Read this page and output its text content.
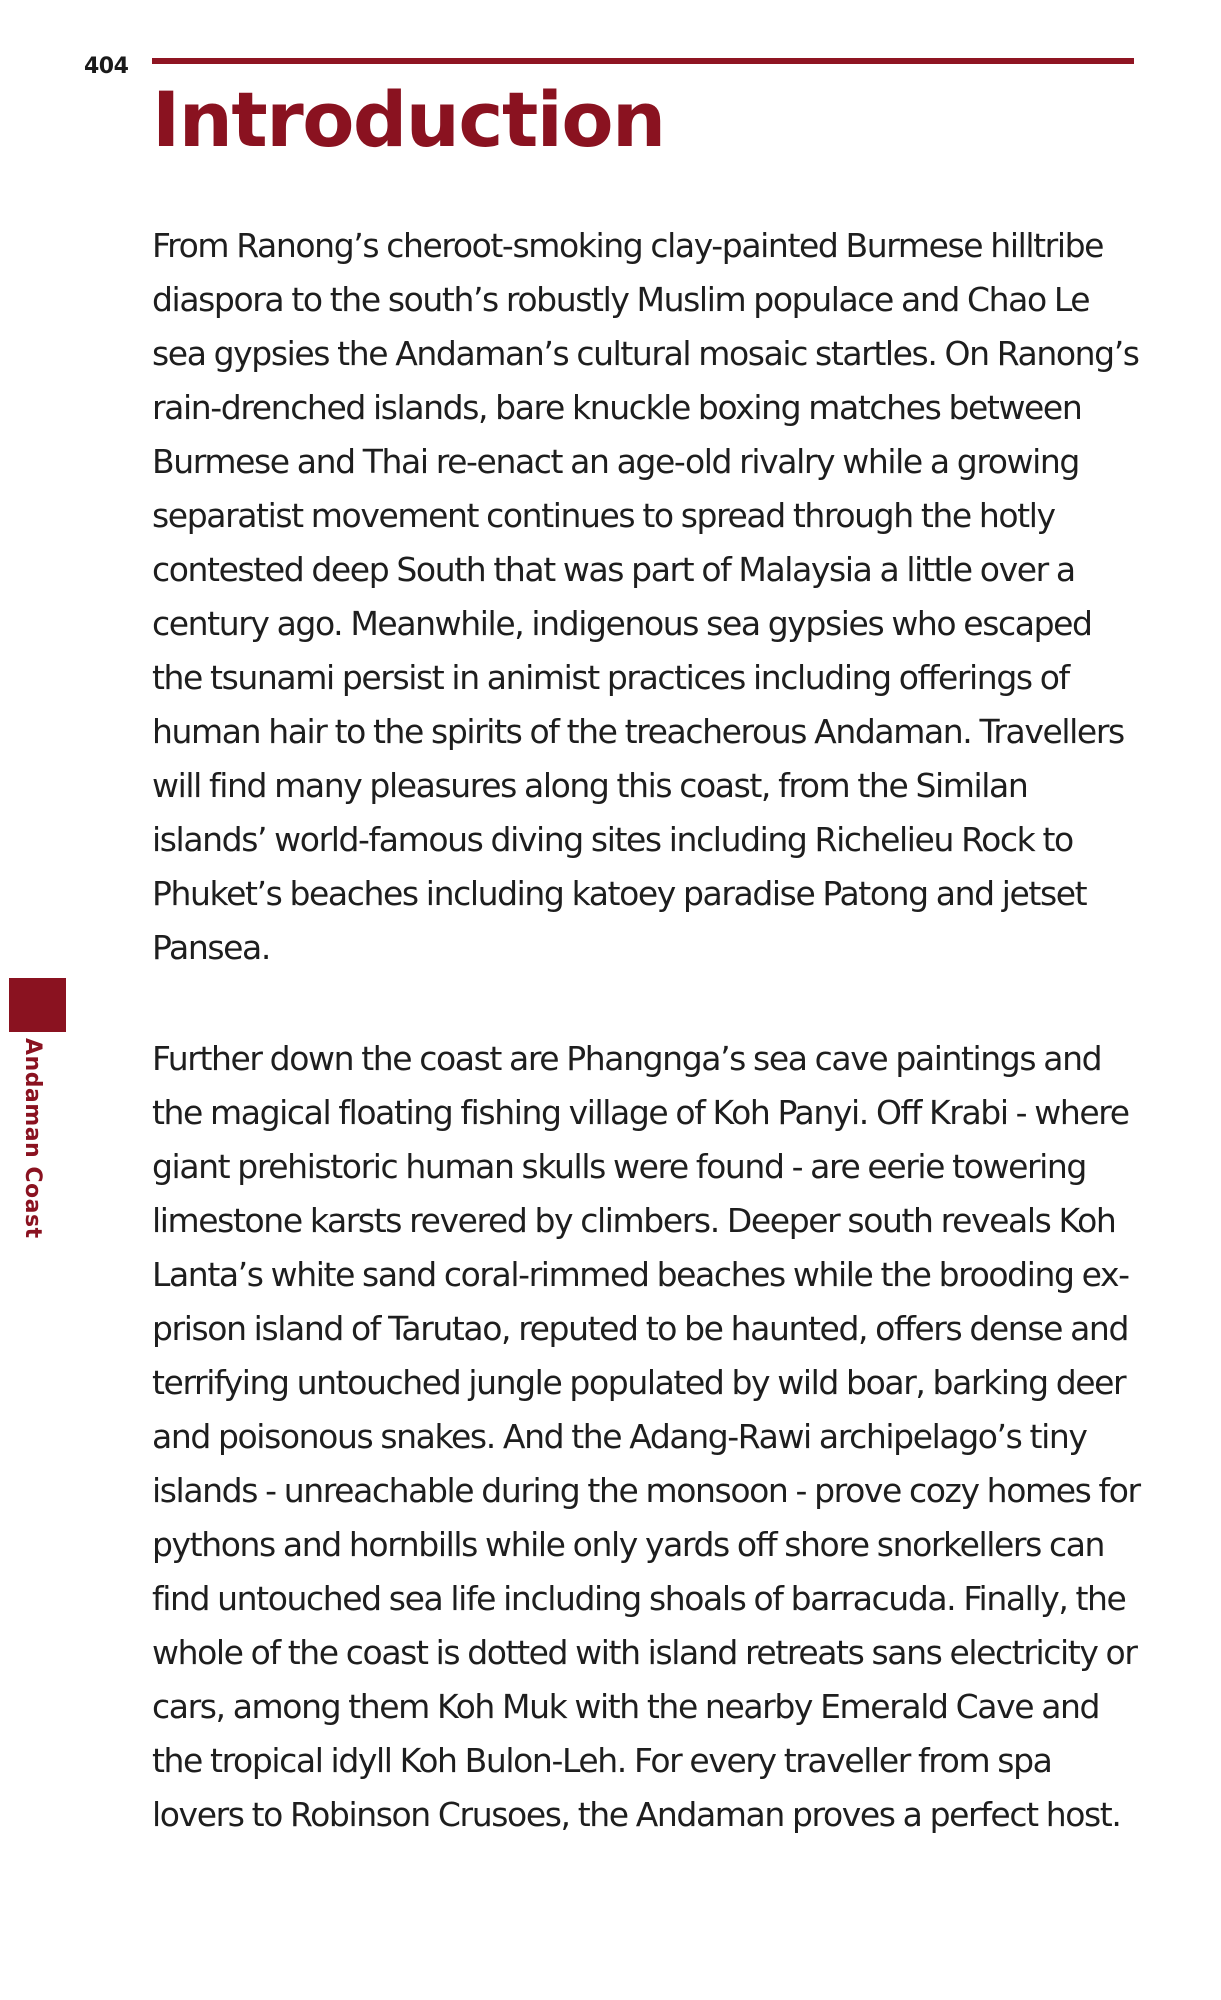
404
Introduction

From Ranong’s cheroot-smoking clay-painted Burmese hilltribe diaspora to the south’s robustly Muslim populace and Chao Le sea gypsies the Andaman’s cultural mosaic startles. On Ranong’s rain-drenched islands, bare knuckle boxing matches between Burmese and Thai re-enact an age-old rivalry while a growing separatist movement continues to spread through the hotly contested deep South that was part of Malaysia a little over a century ago. Meanwhile, indigenous sea gypsies who escaped the tsunami persist in animist practices including offerings of human hair to the spirits of the treacherous Andaman. Travellers will find many pleasures along this coast, from the Similan islands’ world-famous diving sites including Richelieu Rock to Phuket’s beaches including katoey paradise Patong and jetset Pansea.

Further down the coast are Phangnga’s sea cave paintings and the magical floating fishing village of Koh Panyi. Off Krabi - where giant prehistoric human skulls were found - are eerie towering limestone karsts revered by climbers. Deeper south reveals Koh Lanta’s white sand coral-rimmed beaches while the brooding ex-prison island of Tarutao, reputed to be haunted, offers dense and terrifying untouched jungle populated by wild boar, barking deer and poisonous snakes. And the Adang-Rawi archipelago’s tiny islands - unreachable during the monsoon - prove cozy homes for pythons and hornbills while only yards off shore snorkellers can find untouched sea life including shoals of barracuda. Finally, the whole of the coast is dotted with island retreats sans electricity or cars, among them Koh Muk with the nearby Emerald Cave and the tropical idyll Koh Bulon-Leh. For every traveller from spa lovers to Robinson Crusoes, the Andaman proves a perfect host.

Andaman Coast
